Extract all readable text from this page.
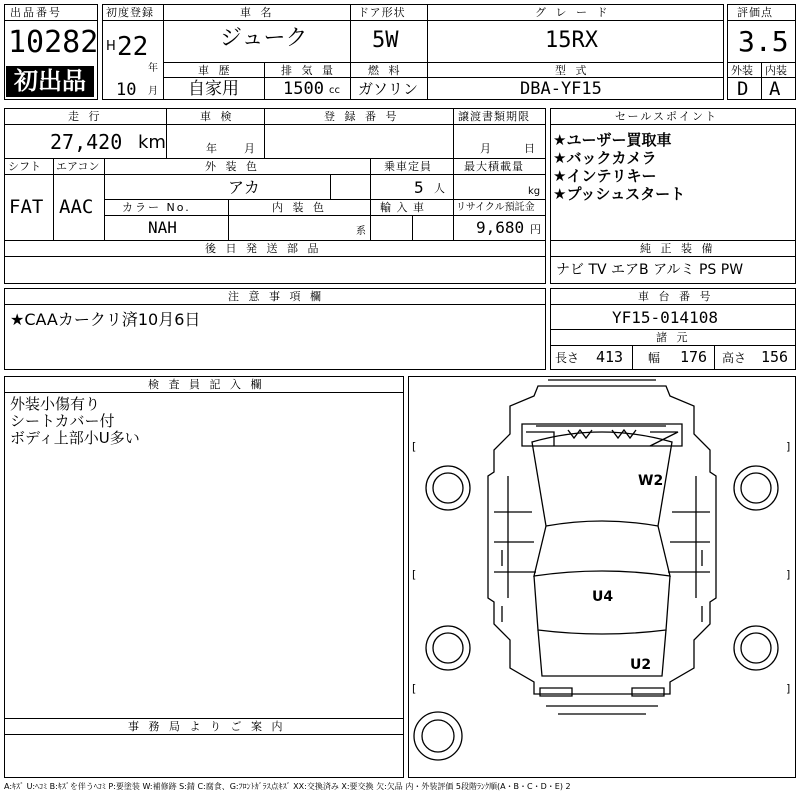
出品番号
10282
初出品
初度登録
H 22
年
10 月
車 名
ジューク
ドア形状
5W
グ レ ー ド
15RX
車 歴
自家用
排 気 量
1500 cc
燃 料
ガソリン
型 式
DBA-YF15
評価点
3.5
外装 内装
D A
走 行
27,420 km
車 検
年 月
登 録 番 号	譲渡書類期限
月	日
シフト
FAT
エアコン
AAC
外 装 色
アカ
乗車定員
5 人
最大積載量
kg
カラー No.
NAH
内 装 色
系
輸 入 車	リサイクル預託金
9,680 円
後 日 発 送 部 品
セールスポイント
★ユーザー買取車
★バックカメラ
★インテリキー
★プッシュスタート
純 正 装 備
ナビ TV エアB アルミ PS PW
注 意 事 項 欄
★CAAカークリ済10月6日
車 台 番 号
YF15-014108
諸 元
長さ 413 幅 176 高さ 156
検 査 員 記 入 欄
外装小傷有り
シートカバー付
ボディ上部小U多い
事 務 局 よ り ご 案 内
[	]
[	]
[	]
W2
U4
U2
A:ｷｽﾞ U:ﾍｺﾐ B:ｷｽﾞを伴うﾍｺﾐ P:要塗装 W:補修跡 S:錆 C:腐食、G:ﾌﾛﾝﾄｶﾞﾗｽ点ｷｽﾞ XX:交換済み X:要交換 欠:欠品 内・外装評価 5段階ﾗﾝｸ順(A・B・C・D・E) 2
